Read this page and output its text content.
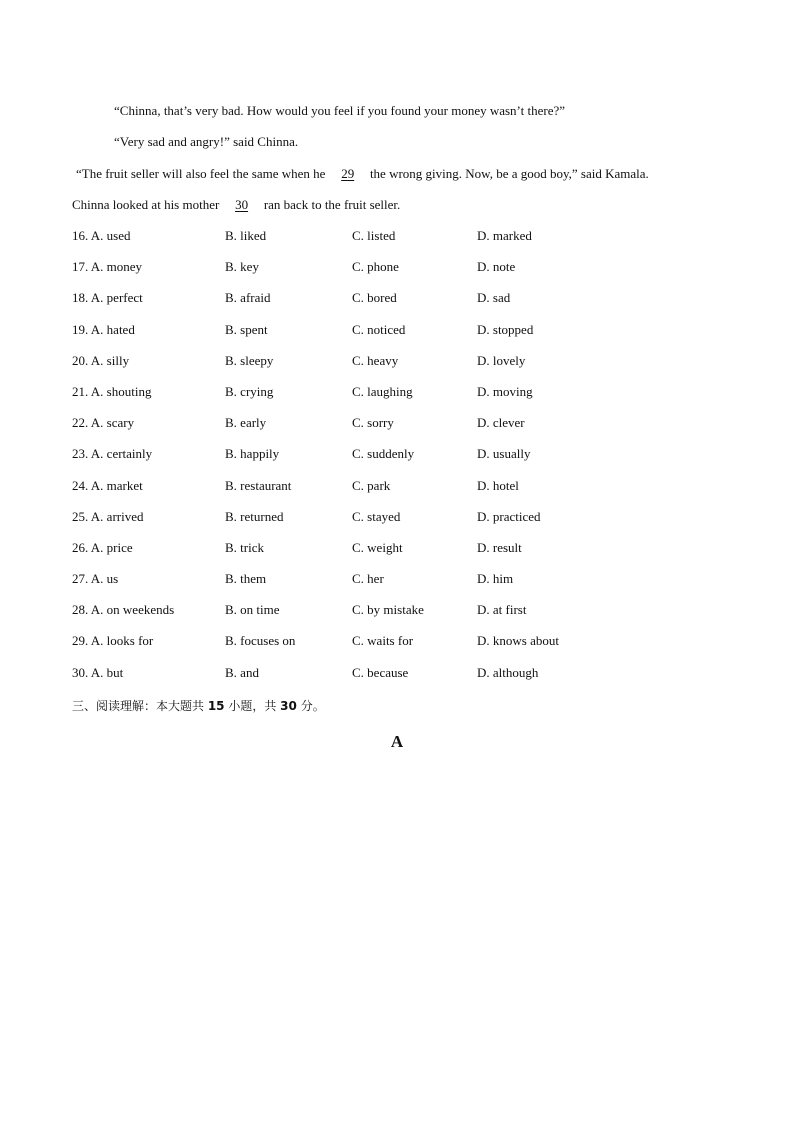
“Chinna, that’s very bad. How would you feel if you found your money wasn’t there?”
“Very sad and angry!” said Chinna.
“The fruit seller will also feel the same when he 29 the wrong giving. Now, be a good boy,” said Kamala.
Chinna looked at his mother 30 ran back to the fruit seller.
16. A. used	B. liked	C. listed	D. marked
17. A. money	B. key	C. phone	D. note
18. A. perfect	B. afraid	C. bored	D. sad
19. A. hated	B. spent	C. noticed	D. stopped
20. A. silly	B. sleepy	C. heavy	D. lovely
21. A. shouting	B. crying	C. laughing	D. moving
22. A. scary	B. early	C. sorry	D. clever
23. A. certainly	B. happily	C. suddenly	D. usually
24. A. market	B. restaurant	C. park	D. hotel
25. A. arrived	B. returned	C. stayed	D. practiced
26. A. price	B. trick	C. weight	D. result
27. A. us	B. them	C. her	D. him
28. A. on weekends	B. on time	C. by mistake	D. at first
29. A. looks for	B. focuses on	C. waits for	D. knows about
30. A. but	B. and	C. because	D. although
三、阅读理解：本大题共 15 小题，共 30 分。
A
